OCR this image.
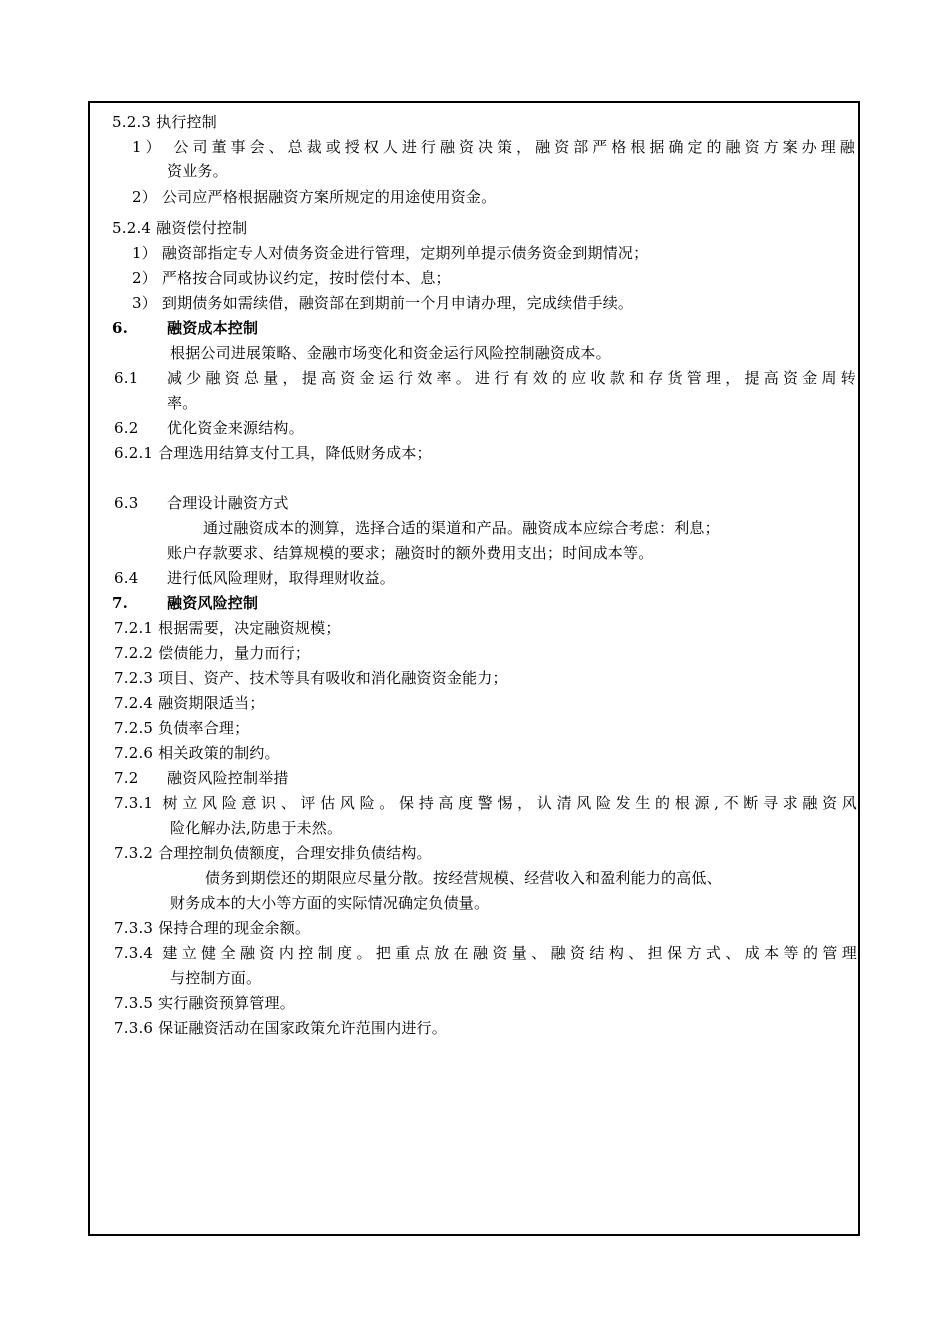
5.2.3 执行控制
1） 公司董事会、总裁或授权人进行融资决策，融资部严格根据确定的融资方案办理融
资业务。
2） 公司应严格根据融资方案所规定的用途使用资金。
5.2.4 融资偿付控制
1） 融资部指定专人对债务资金进行管理，定期列单提示债务资金到期情况；
2） 严格按合同或协议约定，按时偿付本、息；
3） 到期债务如需续借，融资部在到期前一个月申请办理，完成续借手续。
6.	融资成本控制
根据公司进展策略、金融市场变化和资金运行风险控制融资成本。
6.1 减少融资总量，提高资金运行效率。进行有效的应收款和存货管理，提高资金周转
率。
6.2 优化资金来源结构。
6.2.1 合理选用结算支付工具，降低财务成本；
6.3 合理设计融资方式
通过融资成本的测算，选择合适的渠道和产品。融资成本应综合考虑：利息；
账户存款要求、结算规模的要求；融资时的额外费用支出；时间成本等。
6.4 进行低风险理财，取得理财收益。
7.	融资风险控制
7.2.1 根据需要，决定融资规模；
7.2.2 偿债能力，量力而行；
7.2.3 项目、资产、技术等具有吸收和消化融资资金能力；
7.2.4 融资期限适当；
7.2.5 负债率合理；
7.2.6 相关政策的制约。
7.2 融资风险控制举措
7.3.1 树立风险意识、评估风险。保持高度警惕，认清风险发生的根源,不断寻求融资风
险化解办法,防患于未然。
7.3.2 合理控制负债额度，合理安排负债结构。
债务到期偿还的期限应尽量分散。按经营规模、经营收入和盈利能力的高低、
财务成本的大小等方面的实际情况确定负债量。
7.3.3 保持合理的现金余额。
7.3.4 建立健全融资内控制度。把重点放在融资量、融资结构、担保方式、成本等的管理
与控制方面。
7.3.5 实行融资预算管理。
7.3.6 保证融资活动在国家政策允许范围内进行。
